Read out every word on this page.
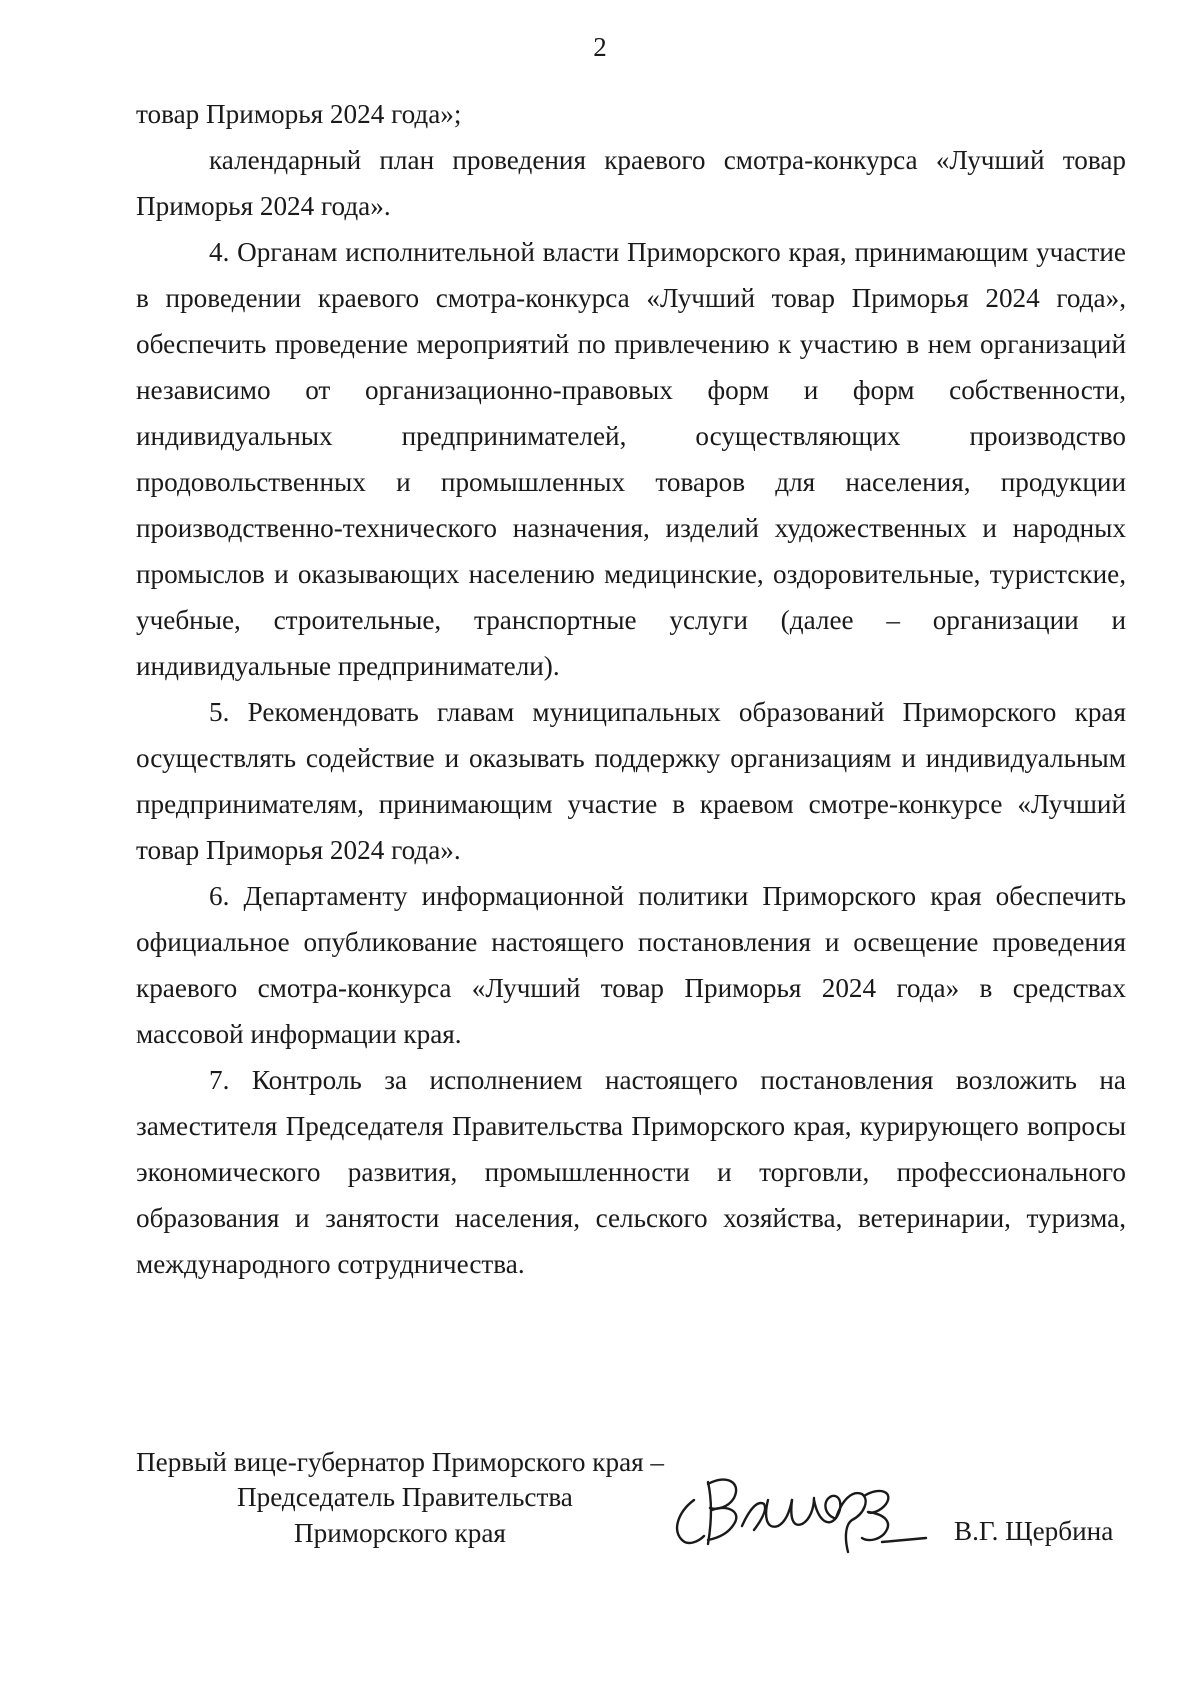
2

товар Приморья 2024 года»;

календарный план проведения краевого смотра-конкурса «Лучший товар Приморья 2024 года».

4. Органам исполнительной власти Приморского края, принимающим участие в проведении краевого смотра-конкурса «Лучший товар Приморья 2024 года», обеспечить проведение мероприятий по привлечению к участию в нем организаций независимо от организационно-правовых форм и форм собственности, индивидуальных предпринимателей, осуществляющих производство продовольственных и промышленных товаров для населения, продукции производственно-технического назначения, изделий художественных и народных промыслов и оказывающих населению медицинские, оздоровительные, туристские, учебные, строительные, транспортные услуги (далее – организации и индивидуальные предприниматели).

5. Рекомендовать главам муниципальных образований Приморского края осуществлять содействие и оказывать поддержку организациям и индивидуальным предпринимателям, принимающим участие в краевом смотре-конкурсе «Лучший товар Приморья 2024 года».

6. Департаменту информационной политики Приморского края обеспечить официальное опубликование настоящего постановления и освещение проведения краевого смотра-конкурса «Лучший товар Приморья 2024 года» в средствах массовой информации края.

7. Контроль за исполнением настоящего постановления возложить на заместителя Председателя Правительства Приморского края, курирующего вопросы экономического развития, промышленности и торговли, профессионального образования и занятости населения, сельского хозяйства, ветеринарии, туризма, международного сотрудничества.

Первый вице-губернатор Приморского края –
Председатель Правительства
Приморского края	В.Г. Щербина
